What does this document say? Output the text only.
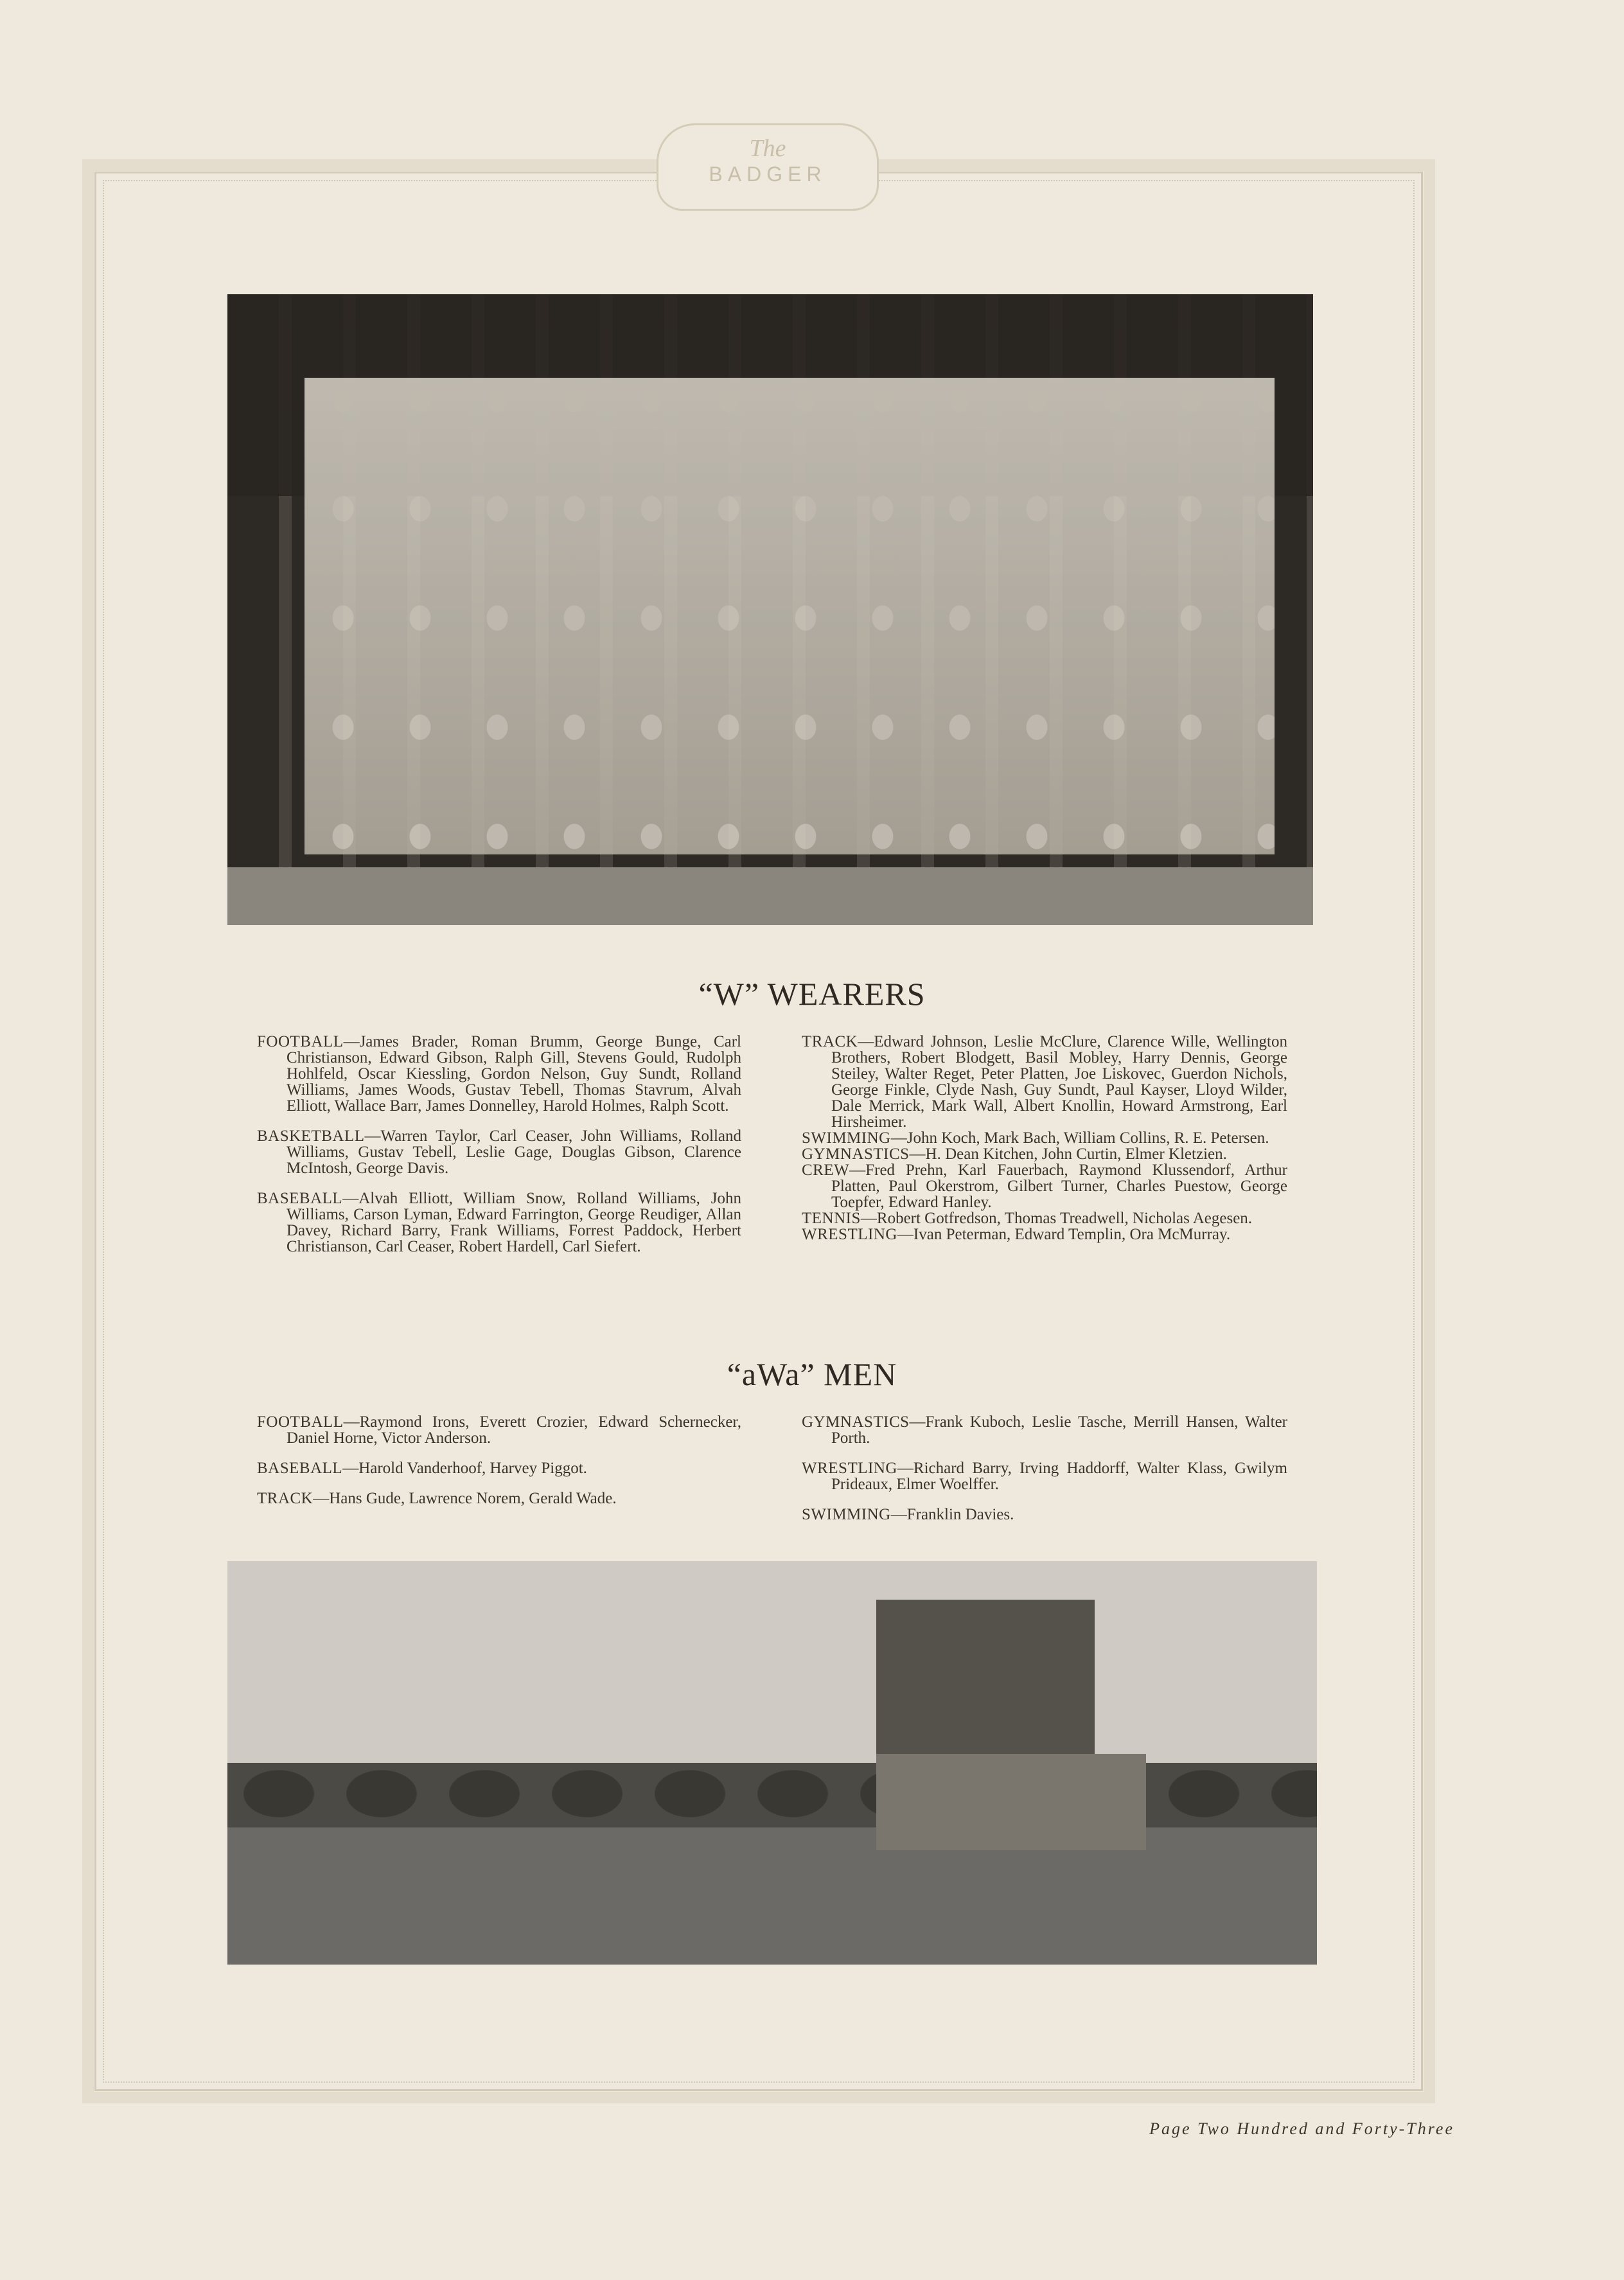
The
BADGER
“W” WEARERS

FOOTBALL—James Brader, Roman Brumm, George Bunge, Carl Christianson, Edward Gibson, Ralph Gill, Stevens Gould, Rudolph Hohlfeld, Oscar Kiessling, Gordon Nelson, Guy Sundt, Rolland Williams, James Woods, Gustav Tebell, Thomas Stavrum, Alvah Elliott, Wallace Barr, James Donnelley, Harold Holmes, Ralph Scott.

BASKETBALL—Warren Taylor, Carl Ceaser, John Williams, Rolland Williams, Gustav Tebell, Leslie Gage, Douglas Gibson, Clarence McIntosh, George Davis.

BASEBALL—Alvah Elliott, William Snow, Rolland Williams, John Williams, Carson Lyman, Edward Farrington, George Reudiger, Allan Davey, Richard Barry, Frank Williams, Forrest Paddock, Herbert Christianson, Carl Ceaser, Robert Hardell, Carl Siefert.

TRACK—Edward Johnson, Leslie McClure, Clarence Wille, Wellington Brothers, Robert Blodgett, Basil Mobley, Harry Dennis, George Steiley, Walter Reget, Peter Platten, Joe Liskovec, Guerdon Nichols, George Finkle, Clyde Nash, Guy Sundt, Paul Kayser, Lloyd Wilder, Dale Merrick, Mark Wall, Albert Knollin, Howard Armstrong, Earl Hirsheimer.

SWIMMING—John Koch, Mark Bach, William Collins, R. E. Petersen.

GYMNASTICS—H. Dean Kitchen, John Curtin, Elmer Kletzien.

CREW—Fred Prehn, Karl Fauerbach, Raymond Klussendorf, Arthur Platten, Paul Okerstrom, Gilbert Turner, Charles Puestow, George Toepfer, Edward Hanley.

TENNIS—Robert Gotfredson, Thomas Treadwell, Nicholas Aegesen.

WRESTLING—Ivan Peterman, Edward Templin, Ora McMurray.

“aWa” MEN

FOOTBALL—Raymond Irons, Everett Crozier, Edward Schernecker, Daniel Horne, Victor Anderson.

BASEBALL—Harold Vanderhoof, Harvey Piggot.

TRACK—Hans Gude, Lawrence Norem, Gerald Wade.

GYMNASTICS—Frank Kuboch, Leslie Tasche, Merrill Hansen, Walter Porth.

WRESTLING—Richard Barry, Irving Haddorff, Walter Klass, Gwilym Prideaux, Elmer Woelffer.

SWIMMING—Franklin Davies.

Page Two Hundred and Forty-Three
